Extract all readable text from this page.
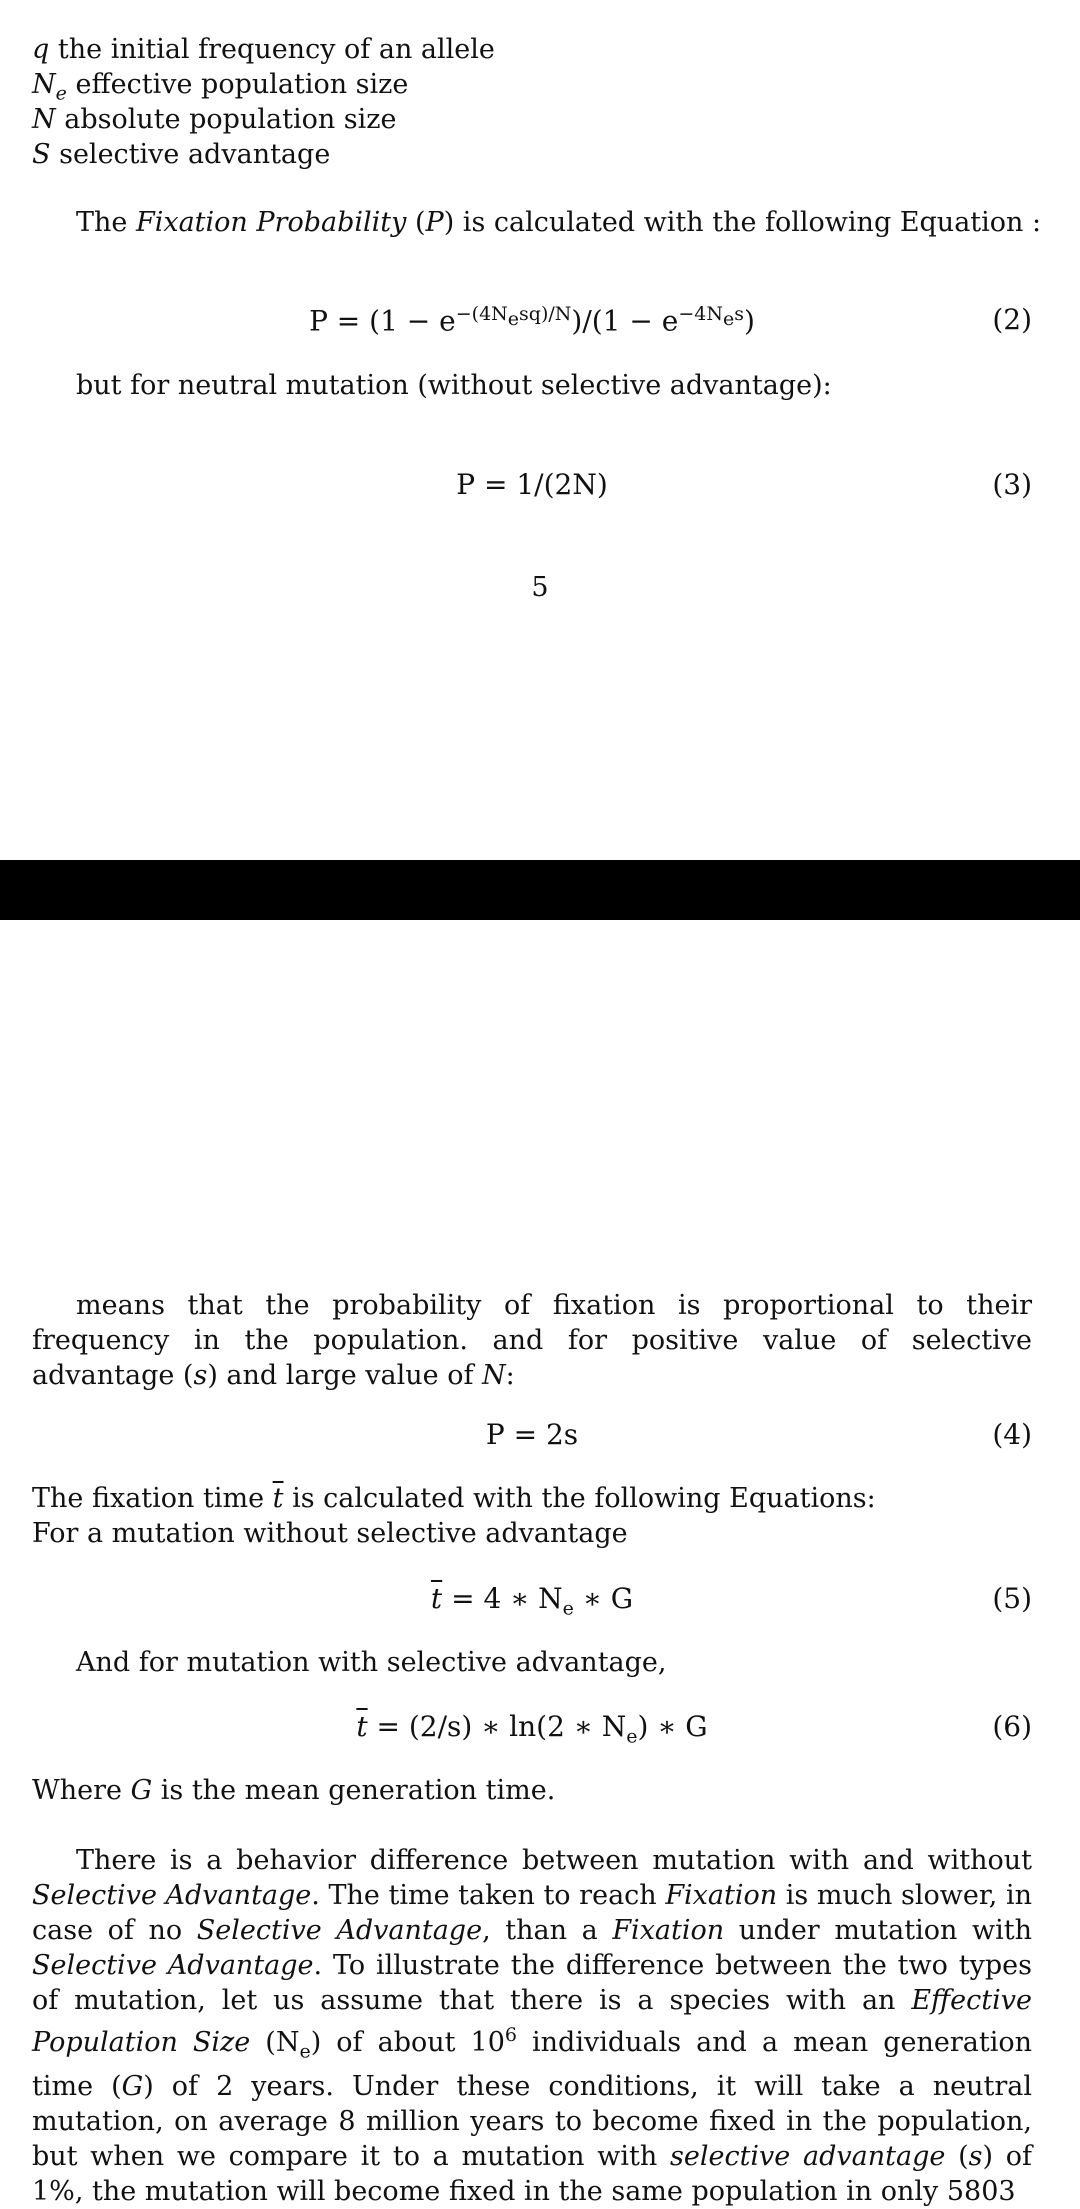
q the initial frequency of an allele
$N_e$ effective population size
N absolute population size
S selective advantage
The Fixation Probability (P) is calculated with the following Equation :
$P = (1 - e^{-(4N_esq)/N})/(1 - e^{-4N_es})$	(2)
but for neutral mutation (without selective advantage):
P = 1/(2N)	(3)
5
means that the probability of fixation is proportional to their frequency in the population. and for positive value of selective advantage (s) and large value of N:
P = 2s	(4)
The fixation time $\overline{t}$ is calculated with the following Equations:
For a mutation without selective advantage
$\overline{t} = 4$ ∗ $N_e$ ∗ G	(5)
And for mutation with selective advantage,
$\overline{t} = (2/s)$ ∗ ln(2 ∗ $N_e$) ∗ G	(6)
Where G is the mean generation time.
There is a behavior difference between mutation with and without Selective Advantage. The time taken to reach Fixation is much slower, in case of no Selective Advantage, than a Fixation under mutation with Selective Advantage. To illustrate the difference between the two types of mutation, let us assume that there is a species with an Effective Population Size $(N_e)$ of about $10^6$ individuals and a mean generation time (G) of 2 years. Under these conditions, it will take a neutral mutation, on average 8 million years to become fixed in the population, but when we compare it to a mutation with selective advantage (s) of 1%, the mutation will become fixed in the same population in only 5803
